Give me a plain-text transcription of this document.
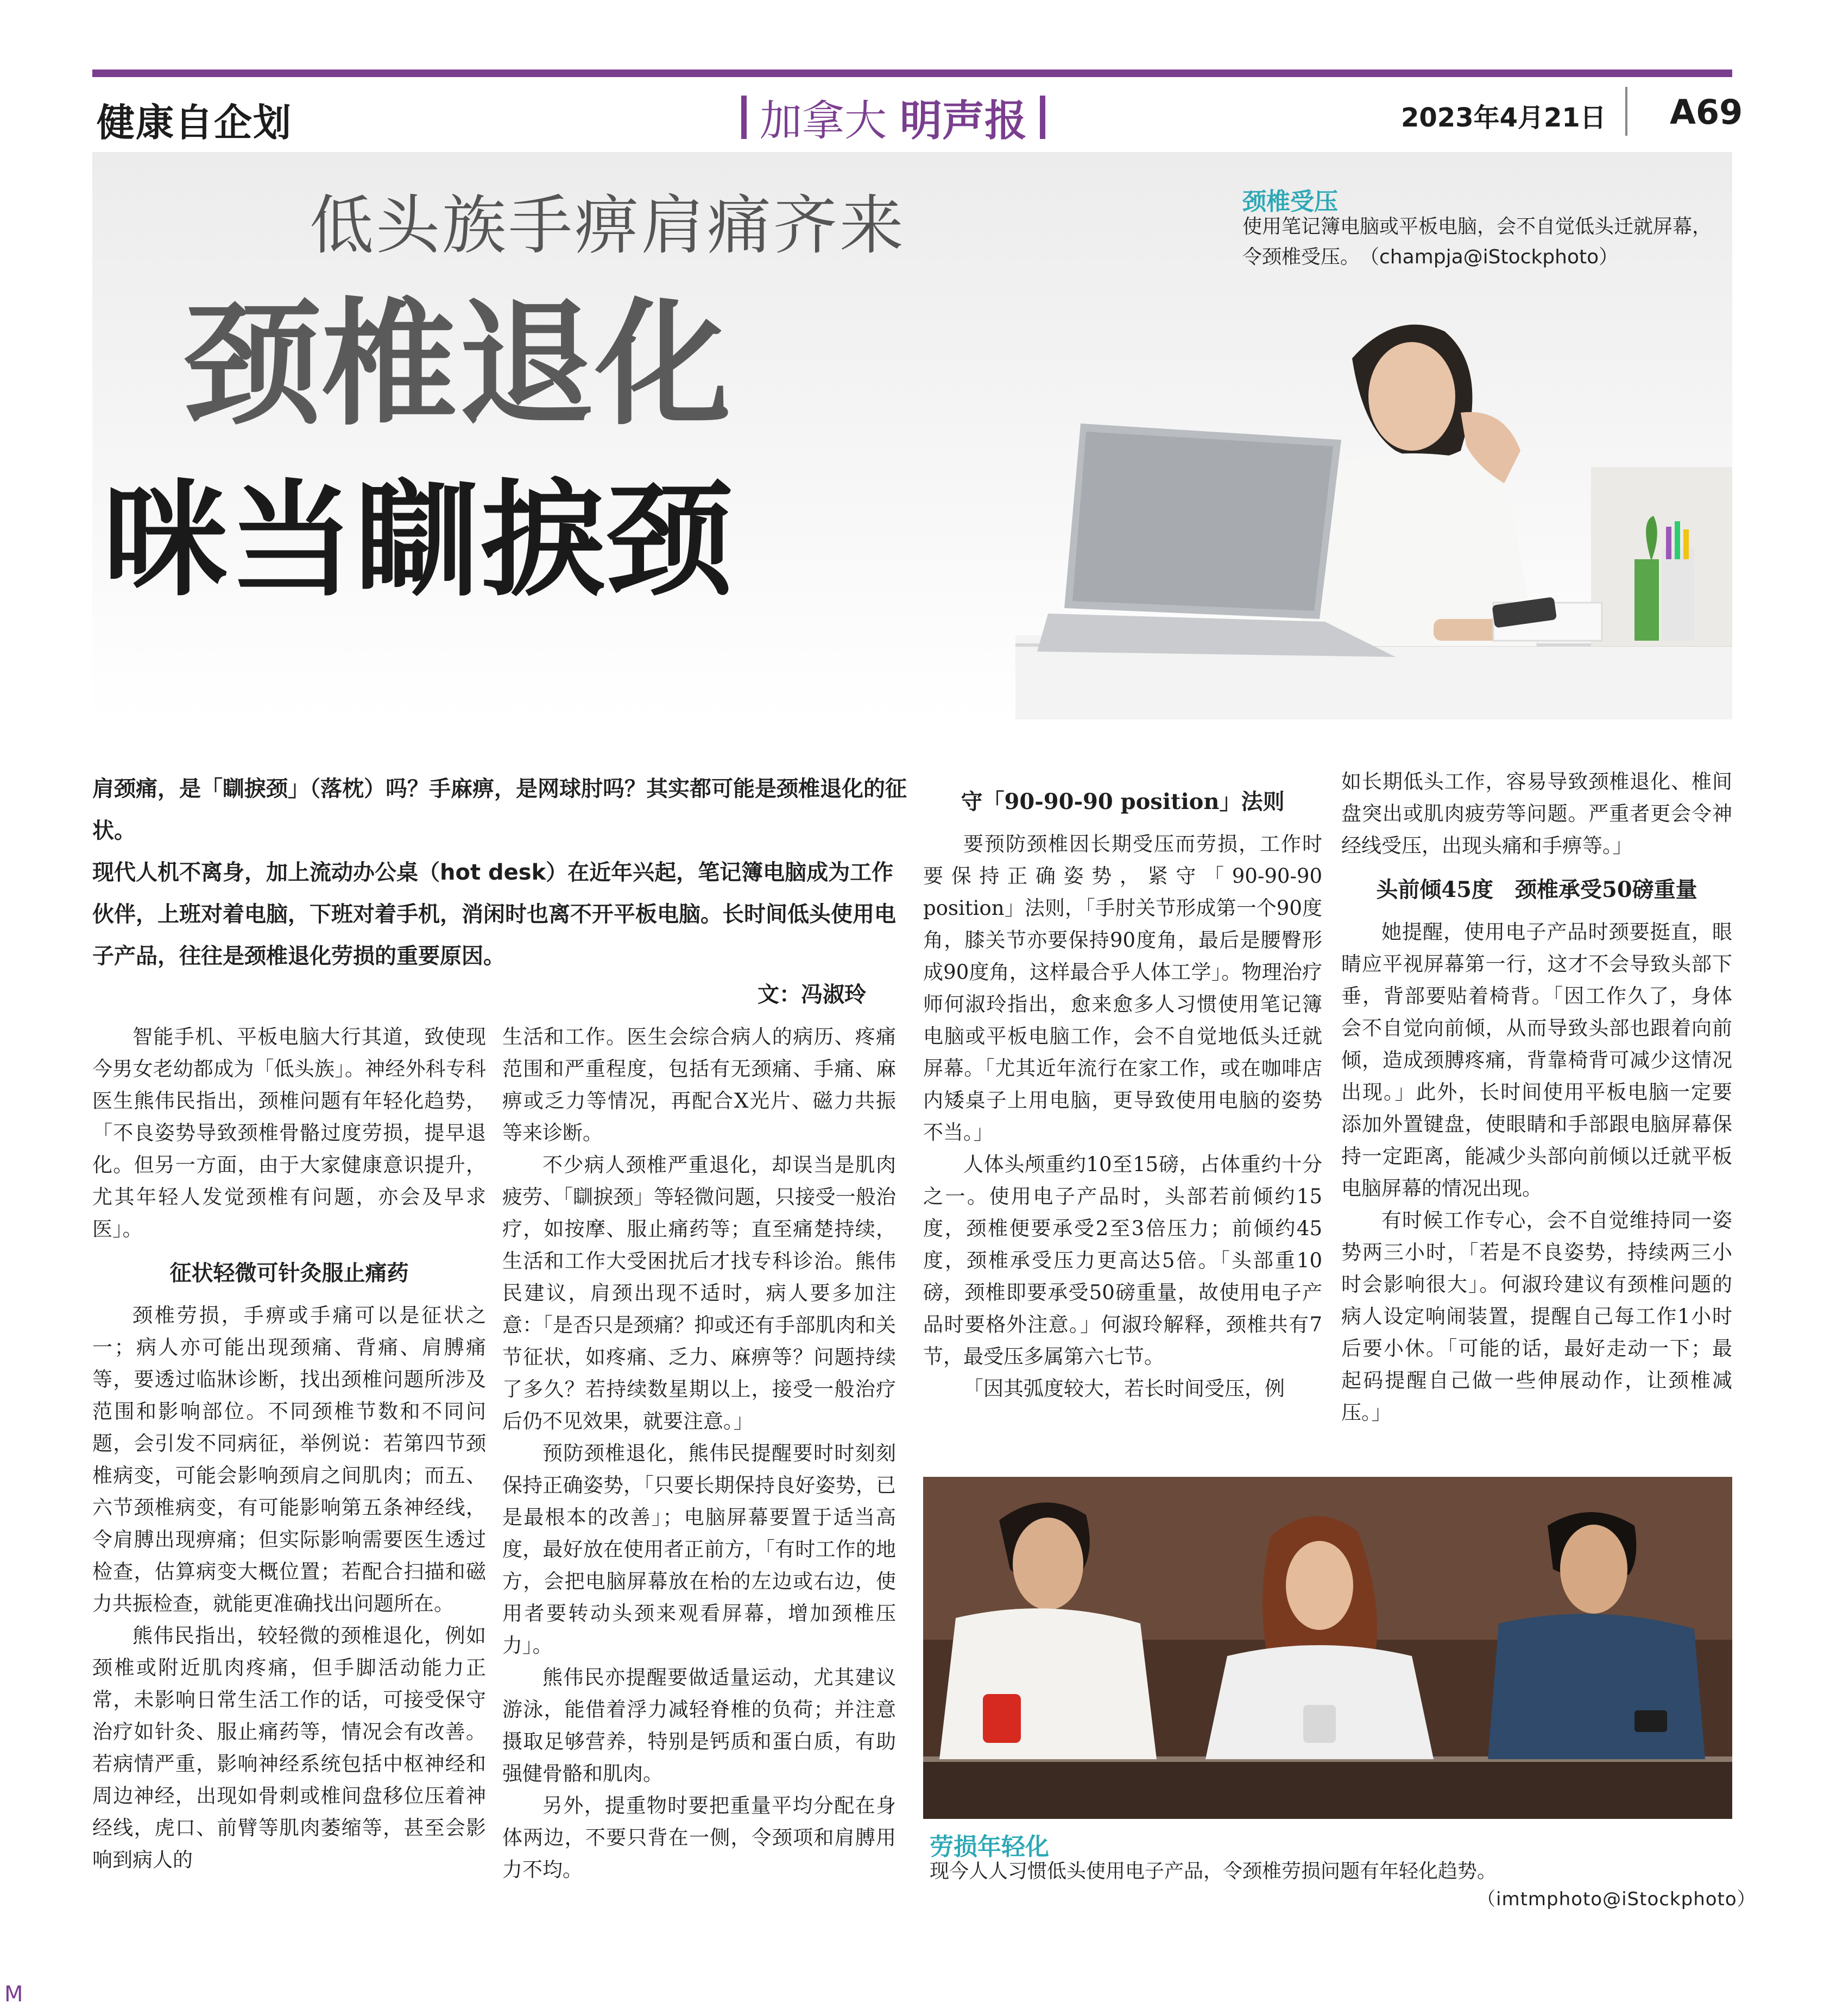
健康自企划	加拿大 明声报	2023年4月21日 A69
低头族手痹肩痛齐来
颈椎退化
咪当瞓捩颈
颈椎受压
使用笔记簿电脑或平板电脑，会不自觉低头迁就屏幕，令颈椎受压。　（champja@iStockphoto）

肩颈痛，是「瞓捩颈」（落枕）吗？手麻痹，是网球肘吗？其实都可能是颈椎退化的征状。

现代人机不离身，加上流动办公桌（hot desk）在近年兴起，笔记簿电脑成为工作伙伴，上班对着电脑，下班对着手机，消闲时也离不开平板电脑。长时间低头使用电子产品，往往是颈椎退化劳损的重要原因。

文：冯淑玲

智能手机、平板电脑大行其道，致使现今男女老幼都成为「低头族」。神经外科专科医生熊伟民指出，颈椎问题有年轻化趋势，「不良姿势导致颈椎骨骼过度劳损，提早退化。但另一方面，由于大家健康意识提升，尤其年轻人发觉颈椎有问题，亦会及早求医」。

征状轻微可针灸服止痛药

颈椎劳损，手痹或手痛可以是征状之一；病人亦可能出现颈痛、背痛、肩膊痛等，要透过临牀诊断，找出颈椎问题所涉及范围和影响部位。不同颈椎节数和不同问题，会引发不同病征，举例说：若第四节颈椎病变，可能会影响颈肩之间肌肉；而五、六节颈椎病变，有可能影响第五条神经线，令肩膊出现痹痛；但实际影响需要医生透过检查，估算病变大概位置；若配合扫描和磁力共振检查，就能更准确找出问题所在。

熊伟民指出，较轻微的颈椎退化，例如颈椎或附近肌肉疼痛，但手脚活动能力正常，未影响日常生活工作的话，可接受保守治疗如针灸、服止痛药等，情况会有改善。若病情严重，影响神经系统包括中枢神经和周边神经，出现如骨刺或椎间盘移位压着神经线，虎口、前臂等肌肉萎缩等，甚至会影响到病人的

生活和工作。医生会综合病人的病历、疼痛范围和严重程度，包括有无颈痛、手痛、麻痹或乏力等情况，再配合X光片、磁力共振等来诊断。

不少病人颈椎严重退化，却误当是肌肉疲劳、「瞓捩颈」等轻微问题，只接受一般治疗，如按摩、服止痛药等；直至痛楚持续，生活和工作大受困扰后才找专科诊治。熊伟民建议，肩颈出现不适时，病人要多加注意：「是否只是颈痛？抑或还有手部肌肉和关节征状，如疼痛、乏力、麻痹等？问题持续了多久？若持续数星期以上，接受一般治疗后仍不见效果，就要注意。」

预防颈椎退化，熊伟民提醒要时时刻刻保持正确姿势，「只要长期保持良好姿势，已是最根本的改善」；电脑屏幕要置于适当高度，最好放在使用者正前方，「有时工作的地方，会把电脑屏幕放在枱的左边或右边，使用者要转动头颈来观看屏幕，增加颈椎压力」。

熊伟民亦提醒要做适量运动，尤其建议游泳，能借着浮力减轻脊椎的负荷；并注意摄取足够营养，特别是钙质和蛋白质，有助强健骨骼和肌肉。

另外，提重物时要把重量平均分配在身体两边，不要只背在一侧，令颈项和肩膊用力不均。

守「90-90-90 position」法则

要预防颈椎因长期受压而劳损，工作时要保持正确姿势，紧守「90-90-90 position」法则，「手肘关节形成第一个90度角，膝关节亦要保持90度角，最后是腰臀形成90度角，这样最合乎人体工学」。物理治疗师何淑玲指出，愈来愈多人习惯使用笔记簿电脑或平板电脑工作，会不自觉地低头迁就屏幕。「尤其近年流行在家工作，或在咖啡店内矮桌子上用电脑，更导致使用电脑的姿势不当。」

人体头颅重约10至15磅，占体重约十分之一。使用电子产品时，头部若前倾约15度，颈椎便要承受2至3倍压力；前倾约45度，颈椎承受压力更高达5倍。「头部重10磅，颈椎即要承受50磅重量，故使用电子产品时要格外注意。」何淑玲解释，颈椎共有7节，最受压多属第六七节。

「因其弧度较大，若长时间受压，例

如长期低头工作，容易导致颈椎退化、椎间盘突出或肌肉疲劳等问题。严重者更会令神经线受压，出现头痛和手痹等。」

头前倾45度　颈椎承受50磅重量

她提醒，使用电子产品时颈要挺直，眼睛应平视屏幕第一行，这才不会导致头部下垂，背部要贴着椅背。「因工作久了，身体会不自觉向前倾，从而导致头部也跟着向前倾，造成颈膊疼痛，背靠椅背可减少这情况出现。」此外，长时间使用平板电脑一定要添加外置键盘，使眼睛和手部跟电脑屏幕保持一定距离，能减少头部向前倾以迁就平板电脑屏幕的情况出现。

有时候工作专心，会不自觉维持同一姿势两三小时，「若是不良姿势，持续两三小时会影响很大」。何淑玲建议有颈椎问题的病人设定响闹装置，提醒自己每工作1小时后要小休。「可能的话，最好走动一下；最起码提醒自己做一些伸展动作，让颈椎减压。」

劳损年轻化
现今人人习惯低头使用电子产品，令颈椎劳损问题有年轻化趋势。
（imtmphoto@iStockphoto）
M
